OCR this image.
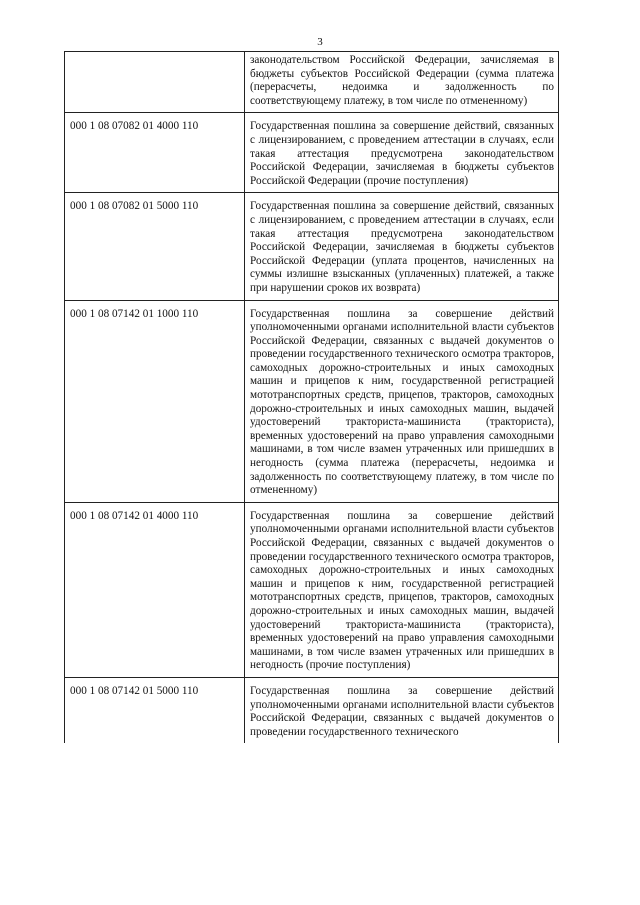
3
	законодательством Российской Федерации, зачисляемая в бюджеты субъектов Российской Федерации (сумма платежа (перерасчеты, недоимка и задолженность по соответствующему платежу, в том числе по отмененному)
000 1 08 07082 01 4000 110	Государственная пошлина за совершение действий, связанных с лицензированием, с проведением аттестации в случаях, если такая аттестация предусмотрена законодательством Российской Федерации, зачисляемая в бюджеты субъектов Российской Федерации (прочие поступления)
000 1 08 07082 01 5000 110	Государственная пошлина за совершение действий, связанных с лицензированием, с проведением аттестации в случаях, если такая аттестация предусмотрена законодательством Российской Федерации, зачисляемая в бюджеты субъектов Российской Федерации (уплата процентов, начисленных на суммы излишне взысканных (уплаченных) платежей, а также при нарушении сроков их возврата)
000 1 08 07142 01 1000 110	Государственная пошлина за совершение действий уполномоченными органами исполнительной власти субъектов Российской Федерации, связанных с выдачей документов о проведении государственного технического осмотра тракторов, самоходных дорожно-строительных и иных самоходных машин и прицепов к ним, государственной регистрацией мототранспортных средств, прицепов, тракторов, самоходных дорожно-строительных и иных самоходных машин, выдачей удостоверений тракториста-машиниста (тракториста), временных удостоверений на право управления самоходными машинами, в том числе взамен утраченных или пришедших в негодность (сумма платежа (перерасчеты, недоимка и задолженность по соответствующему платежу, в том числе по отмененному)
000 1 08 07142 01 4000 110	Государственная пошлина за совершение действий уполномоченными органами исполнительной власти субъектов Российской Федерации, связанных с выдачей документов о проведении государственного технического осмотра тракторов, самоходных дорожно-строительных и иных самоходных машин и прицепов к ним, государственной регистрацией мототранспортных средств, прицепов, тракторов, самоходных дорожно-строительных и иных самоходных машин, выдачей удостоверений тракториста-машиниста (тракториста), временных удостоверений на право управления самоходными машинами, в том числе взамен утраченных или пришедших в негодность (прочие поступления)
000 1 08 07142 01 5000 110	Государственная пошлина за совершение действий уполномоченными органами исполнительной власти субъектов Российской Федерации, связанных с выдачей документов о проведении государственного технического
